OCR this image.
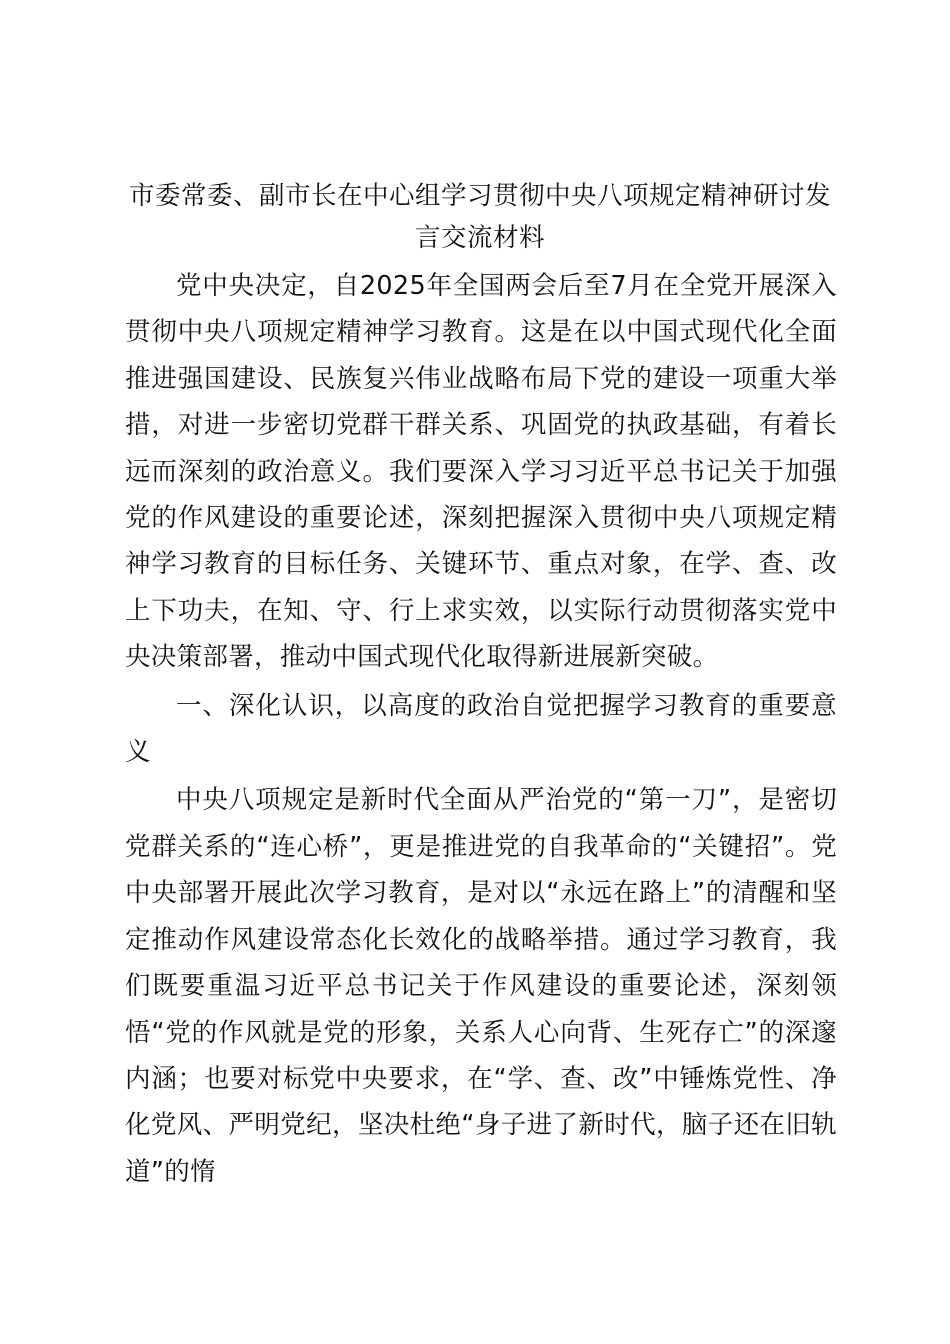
市委常委、副市长在中心组学习贯彻中央八项规定精神研讨发言交流材料

党中央决定，自2025年全国两会后至7月在全党开展深入贯彻中央八项规定精神学习教育。这是在以中国式现代化全面推进强国建设、民族复兴伟业战略布局下党的建设一项重大举措，对进一步密切党群干群关系、巩固党的执政基础，有着长远而深刻的政治意义。我们要深入学习习近平总书记关于加强党的作风建设的重要论述，深刻把握深入贯彻中央八项规定精神学习教育的目标任务、关键环节、重点对象，在学、查、改上下功夫，在知、守、行上求实效，以实际行动贯彻落实党中央决策部署，推动中国式现代化取得新进展新突破。

一、深化认识，以高度的政治自觉把握学习教育的重要意义

中央八项规定是新时代全面从严治党的“第一刀”，是密切党群关系的“连心桥”，更是推进党的自我革命的“关键招”。党中央部署开展此次学习教育，是对以“永远在路上”的清醒和坚定推动作风建设常态化长效化的战略举措。通过学习教育，我们既要重温习近平总书记关于作风建设的重要论述，深刻领悟“党的作风就是党的形象，关系人心向背、生死存亡”的深邃内涵；也要对标党中央要求，在“学、查、改”中锤炼党性、净化党风、严明党纪，坚决杜绝“身子进了新时代，脑子还在旧轨道”的惰
